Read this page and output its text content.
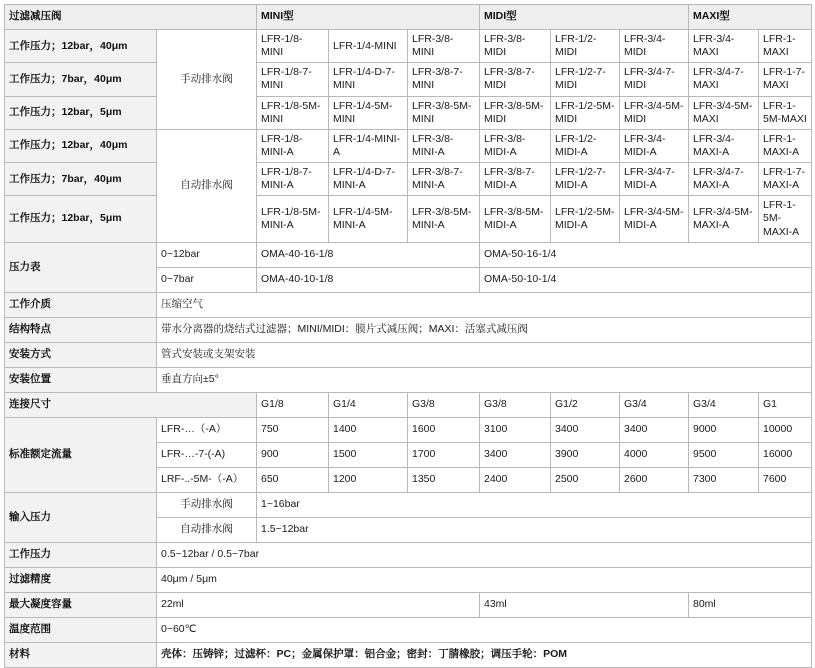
过滤减压阀		MINI型			MIDI型			MAXI型	
工作压力；12bar，40μm	手动排水阀	LFR-1/8-MINI	LFR-1/4-MINI	LFR-3/8-MINI	LFR-3/8-MIDI	LFR-1/2-MIDI	LFR-3/4-MIDI	LFR-3/4-MAXI	LFR-1-MAXI
工作压力；7bar，40μm		LFR-1/8-7-MINI	LFR-1/4-D-7-MINI	LFR-3/8-7-MINI	LFR-3/8-7-MIDI	LFR-1/2-7-MIDI	LFR-3/4-7-MIDI	LFR-3/4-7-MAXI	LFR-1-7-MAXI
工作压力；12bar，5μm		LFR-1/8-5M-MINI	LFR-1/4-5M-MINI	LFR-3/8-5M-MINI	LFR-3/8-5M-MIDI	LFR-1/2-5M-MIDI	LFR-3/4-5M-MIDI	LFR-3/4-5M-MAXI	LFR-1-5M-MAXI
工作压力；12bar，40μm	自动排水阀	LFR-1/8-MINI-A	LFR-1/4-MINI-A	LFR-3/8-MINI-A	LFR-3/8-MIDI-A	LFR-1/2-MIDI-A	LFR-3/4-MIDI-A	LFR-3/4-MAXI-A	LFR-1-MAXI-A
工作压力；7bar，40μm		LFR-1/8-7-MINI-A	LFR-1/4-D-7-MINI-A	LFR-3/8-7-MINI-A	LFR-3/8-7-MIDI-A	LFR-1/2-7-MIDI-A	LFR-3/4-7-MIDI-A	LFR-3/4-7-MAXI-A	LFR-1-7-MAXI-A
工作压力；12bar，5μm		LFR-1/8-5M-MINI-A	LFR-1/4-5M-MINI-A	LFR-3/8-5M-MINI-A	LFR-3/8-5M-MIDI-A	LFR-1/2-5M-MIDI-A	LFR-3/4-5M-MIDI-A	LFR-3/4-5M-MAXI-A	LFR-1-5M-MAXI-A
压力表	0~12bar	OMA-40-16-1/8			OMA-50-16-1/4				
	0~7bar	OMA-40-10-1/8			OMA-50-10-1/4				
工作介质	压缩空气								
结构特点	带水分离器的烧结式过滤器；MINI/MIDI：膜片式减压阀；MAXI：活塞式减压阀								
安装方式	管式安装或支架安装								
安装位置	垂直方向±5°								
连接尺寸		G1/8	G1/4	G3/8	G3/8	G1/2	G3/4	G3/4	G1
标准额定流量	LFR-…（-A）	750	1400	1600	3100	3400	3400	9000	10000
	LFR-…-7-(-A)	900	1500	1700	3400	3900	4000	9500	16000
	LRF-..-5M-（-A）	650	1200	1350	2400	2500	2600	7300	7600
输入压力	手动排水阀	1~16bar							
	自动排水阀	1.5~12bar							
工作压力	0.5~12bar / 0.5~7bar								
过滤精度	40μm / 5μm								
最大凝度容量	22ml				43ml			80ml	
温度范围	0~60℃								
材料	壳体：压铸锌；过滤杯：PC；金属保护罩：铝合金；密封：丁腈橡胶；调压手轮：POM								
